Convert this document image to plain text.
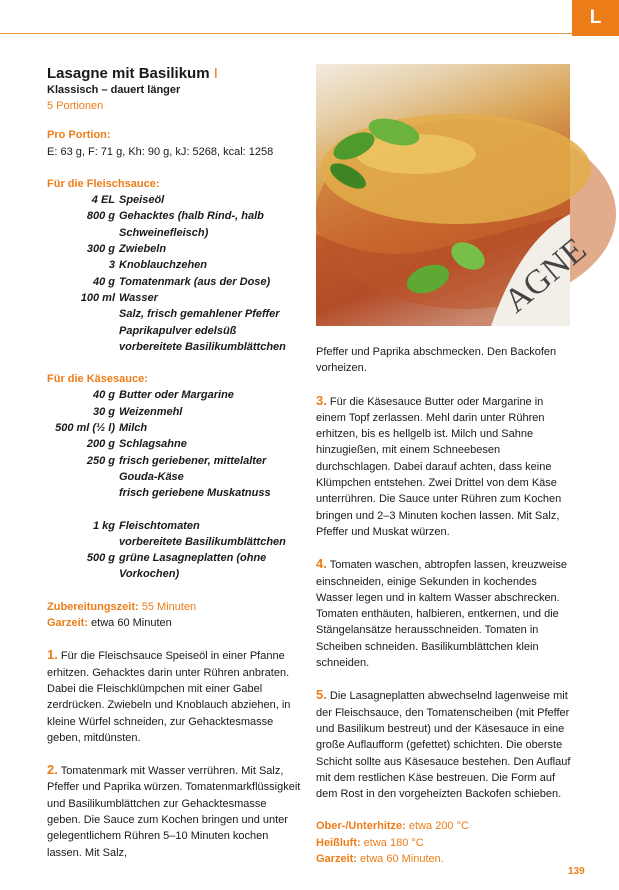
L
Lasagne mit Basilikum I
Klassisch – dauert länger
5 Portionen
Pro Portion:
E: 63 g, F: 71 g, Kh: 90 g, kJ: 5268, kcal: 1258
Für die Fleischsauce:
4 EL Speiseöl
800 g Gehacktes (halb Rind-, halb Schweinefleisch)
300 g Zwiebeln
3 Knoblauchzehen
40 g Tomatenmark (aus der Dose)
100 ml Wasser
Salz, frisch gemahlener Pfeffer
Paprikapulver edelsüß
vorbereitete Basilikumblättchen
Für die Käsesauce:
40 g Butter oder Margarine
30 g Weizenmehl
500 ml (½ l) Milch
200 g Schlagsahne
250 g frisch geriebener, mittelalter Gouda-Käse
frisch geriebene Muskatnuss
1 kg Fleischtomaten
vorbereitete Basilikumblättchen
500 g grüne Lasagneplatten (ohne Vorkochen)
Zubereitungszeit: 55 Minuten
Garzeit: etwa 60 Minuten
1. Für die Fleischsauce Speiseöl in einer Pfanne erhitzen. Gehacktes darin unter Rühren anbraten. Dabei die Fleischklümpchen mit einer Gabel zerdrücken. Zwiebeln und Knoblauch abziehen, in kleine Würfel schneiden, zur Gehacktesmasse geben, mitdünsten.
2. Tomatenmark mit Wasser verrühren. Mit Salz, Pfeffer und Paprika würzen. Tomatenmarkflüssigkeit und Basilikumblättchen zur Gehacktesmasse geben. Die Sauce zum Kochen bringen und unter gelegentlichem Rühren 5–10 Minuten kochen lassen. Mit Salz,
AGNE
Pfeffer und Paprika abschmecken. Den Backofen vorheizen.
3. Für die Käsesauce Butter oder Margarine in einem Topf zerlassen. Mehl darin unter Rühren erhitzen, bis es hellgelb ist. Milch und Sahne hinzugießen, mit einem Schneebesen durchschlagen. Dabei darauf achten, dass keine Klümpchen entstehen. Zwei Drittel von dem Käse unterrühren. Die Sauce unter Rühren zum Kochen bringen und 2–3 Minuten kochen lassen. Mit Salz, Pfeffer und Muskat würzen.
4. Tomaten waschen, abtropfen lassen, kreuzweise einschneiden, einige Sekunden in kochendes Wasser legen und in kaltem Wasser abschrecken. Tomaten enthäuten, halbieren, entkernen, und die Stängelansätze herausschneiden. Tomaten in Scheiben schneiden. Basilikumblättchen klein schneiden.
5. Die Lasagneplatten abwechselnd lagenweise mit der Fleischsauce, den Tomatenscheiben (mit Pfeffer und Basilikum bestreut) und der Käsesauce in eine große Auflaufform (gefettet) schichten. Die oberste Schicht sollte aus Käsesauce bestehen. Den Auflauf mit dem restlichen Käse bestreuen. Die Form auf dem Rost in den vorgeheizten Backofen schieben.
Ober-/Unterhitze: etwa 200 °C
Heißluft: etwa 180 °C
Garzeit: etwa 60 Minuten.
139
